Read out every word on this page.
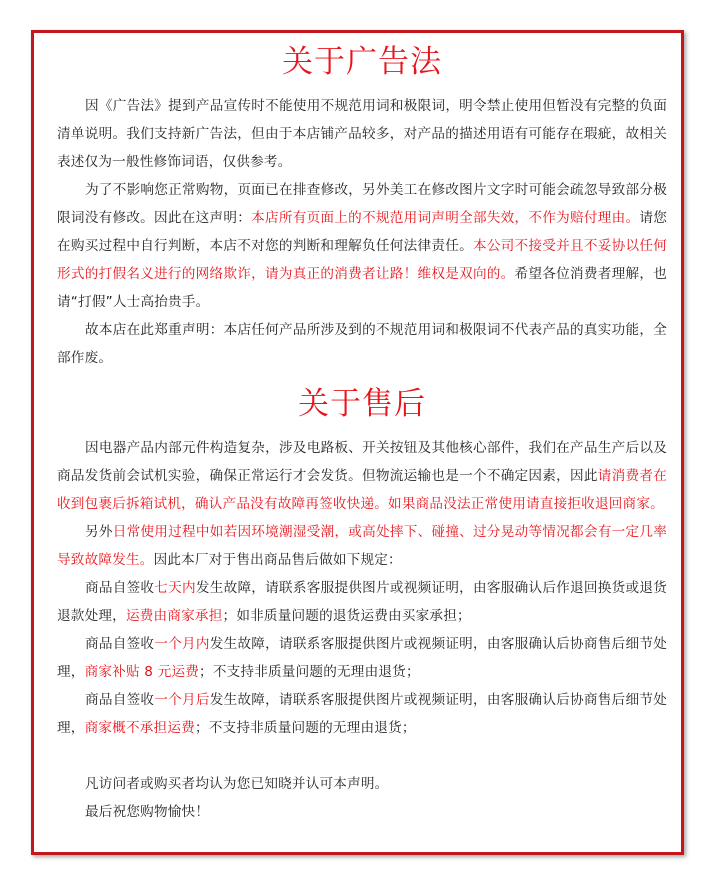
关于广告法

因《广告法》提到产品宣传时不能使用不规范用词和极限词，明令禁止使用但暂没有完整的负面清单说明。我们支持新广告法，但由于本店铺产品较多，对产品的描述用语有可能存在瑕疵，故相关表述仅为一般性修饰词语，仅供参考。

为了不影响您正常购物，页面已在排查修改，另外美工在修改图片文字时可能会疏忽导致部分极限词没有修改。因此在这声明：本店所有页面上的不规范用词声明全部失效，不作为赔付理由。请您在购买过程中自行判断，本店不对您的判断和理解负任何法律责任。本公司不接受并且不妥协以任何形式的打假名义进行的网络欺诈，请为真正的消费者让路！维权是双向的。希望各位消费者理解，也请“打假”人士高抬贵手。

故本店在此郑重声明：本店任何产品所涉及到的不规范用词和极限词不代表产品的真实功能，全部作废。

关于售后

因电器产品内部元件构造复杂，涉及电路板、开关按钮及其他核心部件，我们在产品生产后以及商品发货前会试机实验，确保正常运行才会发货。但物流运输也是一个不确定因素，因此请消费者在收到包裹后拆箱试机，确认产品没有故障再签收快递。如果商品没法正常使用请直接拒收退回商家。

另外日常使用过程中如若因环境潮湿受潮，或高处摔下、碰撞、过分晃动等情况都会有一定几率导致故障发生。因此本厂对于售出商品售后做如下规定：

商品自签收七天内发生故障，请联系客服提供图片或视频证明，由客服确认后作退回换货或退货退款处理，运费由商家承担；如非质量问题的退货运费由买家承担；

商品自签收一个月内发生故障，请联系客服提供图片或视频证明，由客服确认后协商售后细节处理，商家补贴 8 元运费；不支持非质量问题的无理由退货；

商品自签收一个月后发生故障，请联系客服提供图片或视频证明，由客服确认后协商售后细节处理，商家概不承担运费；不支持非质量问题的无理由退货；

凡访问者或购买者均认为您已知晓并认可本声明。

最后祝您购物愉快！
